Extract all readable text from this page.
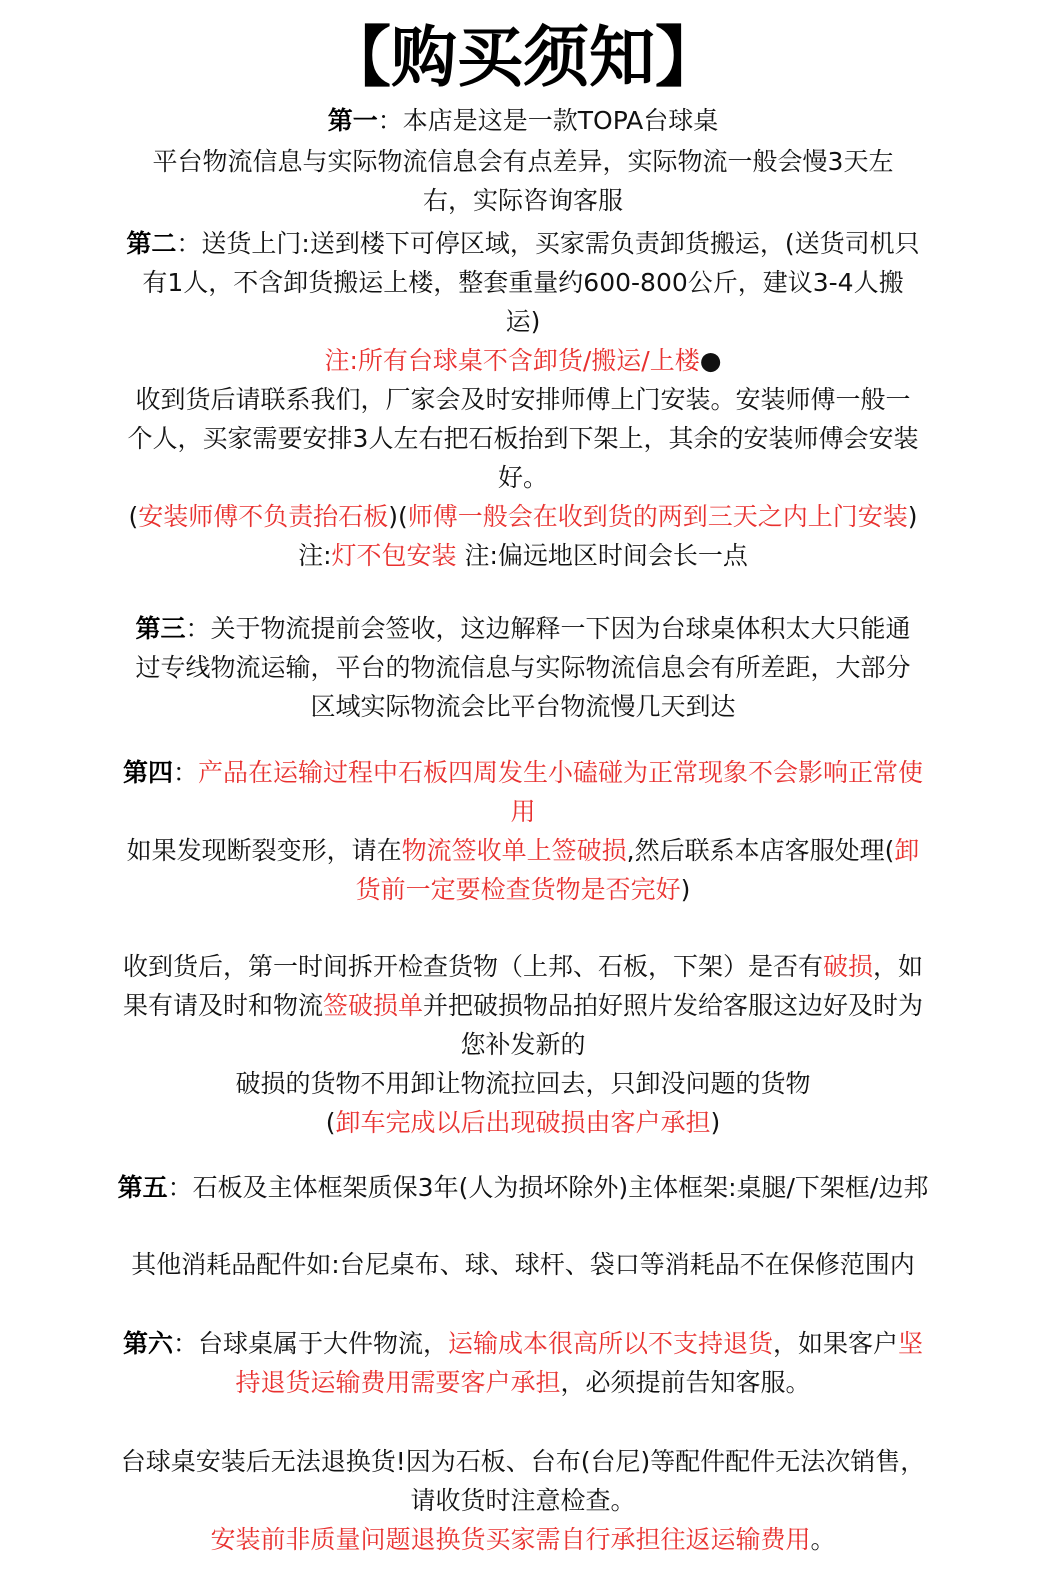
【购买须知】
第一：本店是这是一款TOPA台球桌
平台物流信息与实际物流信息会有点差异，实际物流一般会慢3天左
右，实际咨询客服
第二：送货上门:送到楼下可停区域，买家需负责卸货搬运，(送货司机只
有1人，不含卸货搬运上楼，整套重量约600-800公斤，建议3-4人搬
运)
注:所有台球桌不含卸货/搬运/上楼●
收到货后请联系我们，厂家会及时安排师傅上门安装。安装师傅一般一
个人，买家需要安排3人左右把石板抬到下架上，其余的安装师傅会安装
好。
(安装师傅不负责抬石板)(师傅一般会在收到货的两到三天之内上门安装)
注:灯不包安装 注:偏远地区时间会长一点
第三：关于物流提前会签收，这边解释一下因为台球桌体积太大只能通
过专线物流运输，平台的物流信息与实际物流信息会有所差距，大部分
区域实际物流会比平台物流慢几天到达
第四：产品在运输过程中石板四周发生小磕碰为正常现象不会影响正常使
用
如果发现断裂变形，请在物流签收单上签破损,然后联系本店客服处理(卸
货前一定要检查货物是否完好)
收到货后，第一时间拆开检查货物（上邦、石板，下架）是否有破损，如
果有请及时和物流签破损单并把破损物品拍好照片发给客服这边好及时为
您补发新的
破损的货物不用卸让物流拉回去，只卸没问题的货物
(卸车完成以后出现破损由客户承担)
第五：石板及主体框架质保3年(人为损坏除外)主体框架:桌腿/下架框/边邦
其他消耗品配件如:台尼桌布、球、球杆、袋口等消耗品不在保修范围内
第六：台球桌属于大件物流，运输成本很高所以不支持退货，如果客户坚
持退货运输费用需要客户承担，必须提前告知客服。
台球桌安装后无法退换货!因为石板、台布(台尼)等配件配件无法次销售，
请收货时注意检查。
安装前非质量问题退换货买家需自行承担往返运输费用。
